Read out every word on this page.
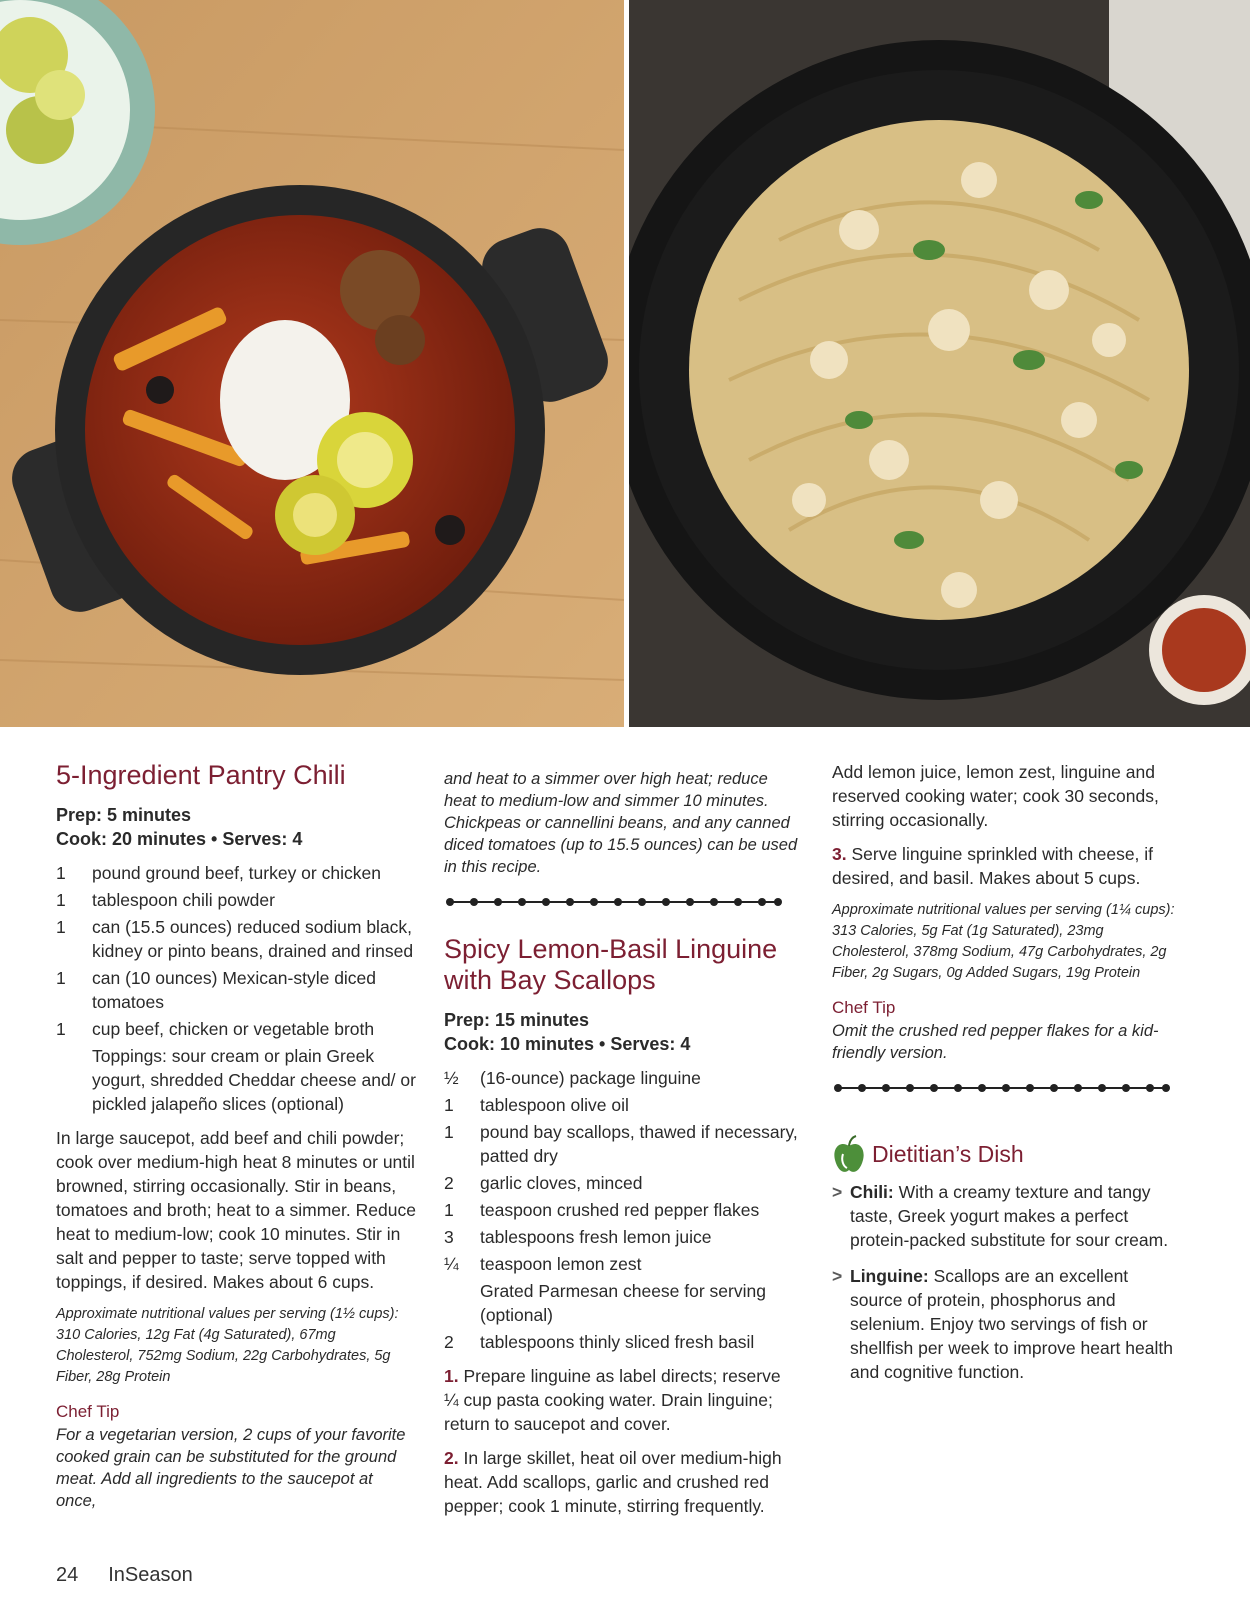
5-Ingredient Pantry Chili
Prep: 5 minutes
Cook: 20 minutes • Serves: 4
1	pound ground beef, turkey or chicken
1	tablespoon chili powder
1	can (15.5 ounces) reduced sodium black, kidney or pinto beans, drained and rinsed
1	can (10 ounces) Mexican-style diced tomatoes
1	cup beef, chicken or vegetable broth
Toppings: sour cream or plain Greek yogurt, shredded Cheddar cheese and/ or pickled jalapeño slices (optional)

In large saucepot, add beef and chili powder; cook over medium-high heat 8 minutes or until browned, stirring occasionally. Stir in beans, tomatoes and broth; heat to a simmer. Reduce heat to medium-low; cook 10 minutes. Stir in salt and pepper to taste; serve topped with toppings, if desired. Makes about 6 cups.

Approximate nutritional values per serving (1½ cups): 310 Calories, 12g Fat (4g Saturated), 67mg Cholesterol, 752mg Sodium, 22g Carbohydrates, 5g Fiber, 28g Protein
Chef Tip
For a vegetarian version, 2 cups of your favorite cooked grain can be substituted for the ground meat. Add all ingredients to the saucepot at once,
and heat to a simmer over high heat; reduce heat to medium-low and simmer 10 minutes. Chickpeas or cannellini beans, and any canned diced tomatoes (up to 15.5 ounces) can be used in this recipe.
Spicy Lemon-Basil Linguine with Bay Scallops
Prep: 15 minutes
Cook: 10 minutes • Serves: 4
½	(16-ounce) package linguine
1	tablespoon olive oil
1	pound bay scallops, thawed if necessary, patted dry
2	garlic cloves, minced
1	teaspoon crushed red pepper flakes
3	tablespoons fresh lemon juice
¼	teaspoon lemon zest
Grated Parmesan cheese for serving (optional)
2	tablespoons thinly sliced fresh basil

1. Prepare linguine as label directs; reserve ¼ cup pasta cooking water. Drain linguine; return to saucepot and cover.

2. In large skillet, heat oil over medium-high heat. Add scallops, garlic and crushed red pepper; cook 1 minute, stirring frequently.

Add lemon juice, lemon zest, linguine and reserved cooking water; cook 30 seconds, stirring occasionally.

3. Serve linguine sprinkled with cheese, if desired, and basil. Makes about 5 cups.

Approximate nutritional values per serving (1¼ cups): 313 Calories, 5g Fat (1g Saturated), 23mg Cholesterol, 378mg Sodium, 47g Carbohydrates, 2g Fiber, 2g Sugars, 0g Added Sugars, 19g Protein
Chef Tip
Omit the crushed red pepper flakes for a kid-friendly version.
Dietitian’s Dish
> Chili: With a creamy texture and tangy taste, Greek yogurt makes a perfect protein-packed substitute for sour cream.
> Linguine: Scallops are an excellent source of protein, phosphorus and selenium. Enjoy two servings of fish or shellfish per week to improve heart health and cognitive function.
24 InSeason
